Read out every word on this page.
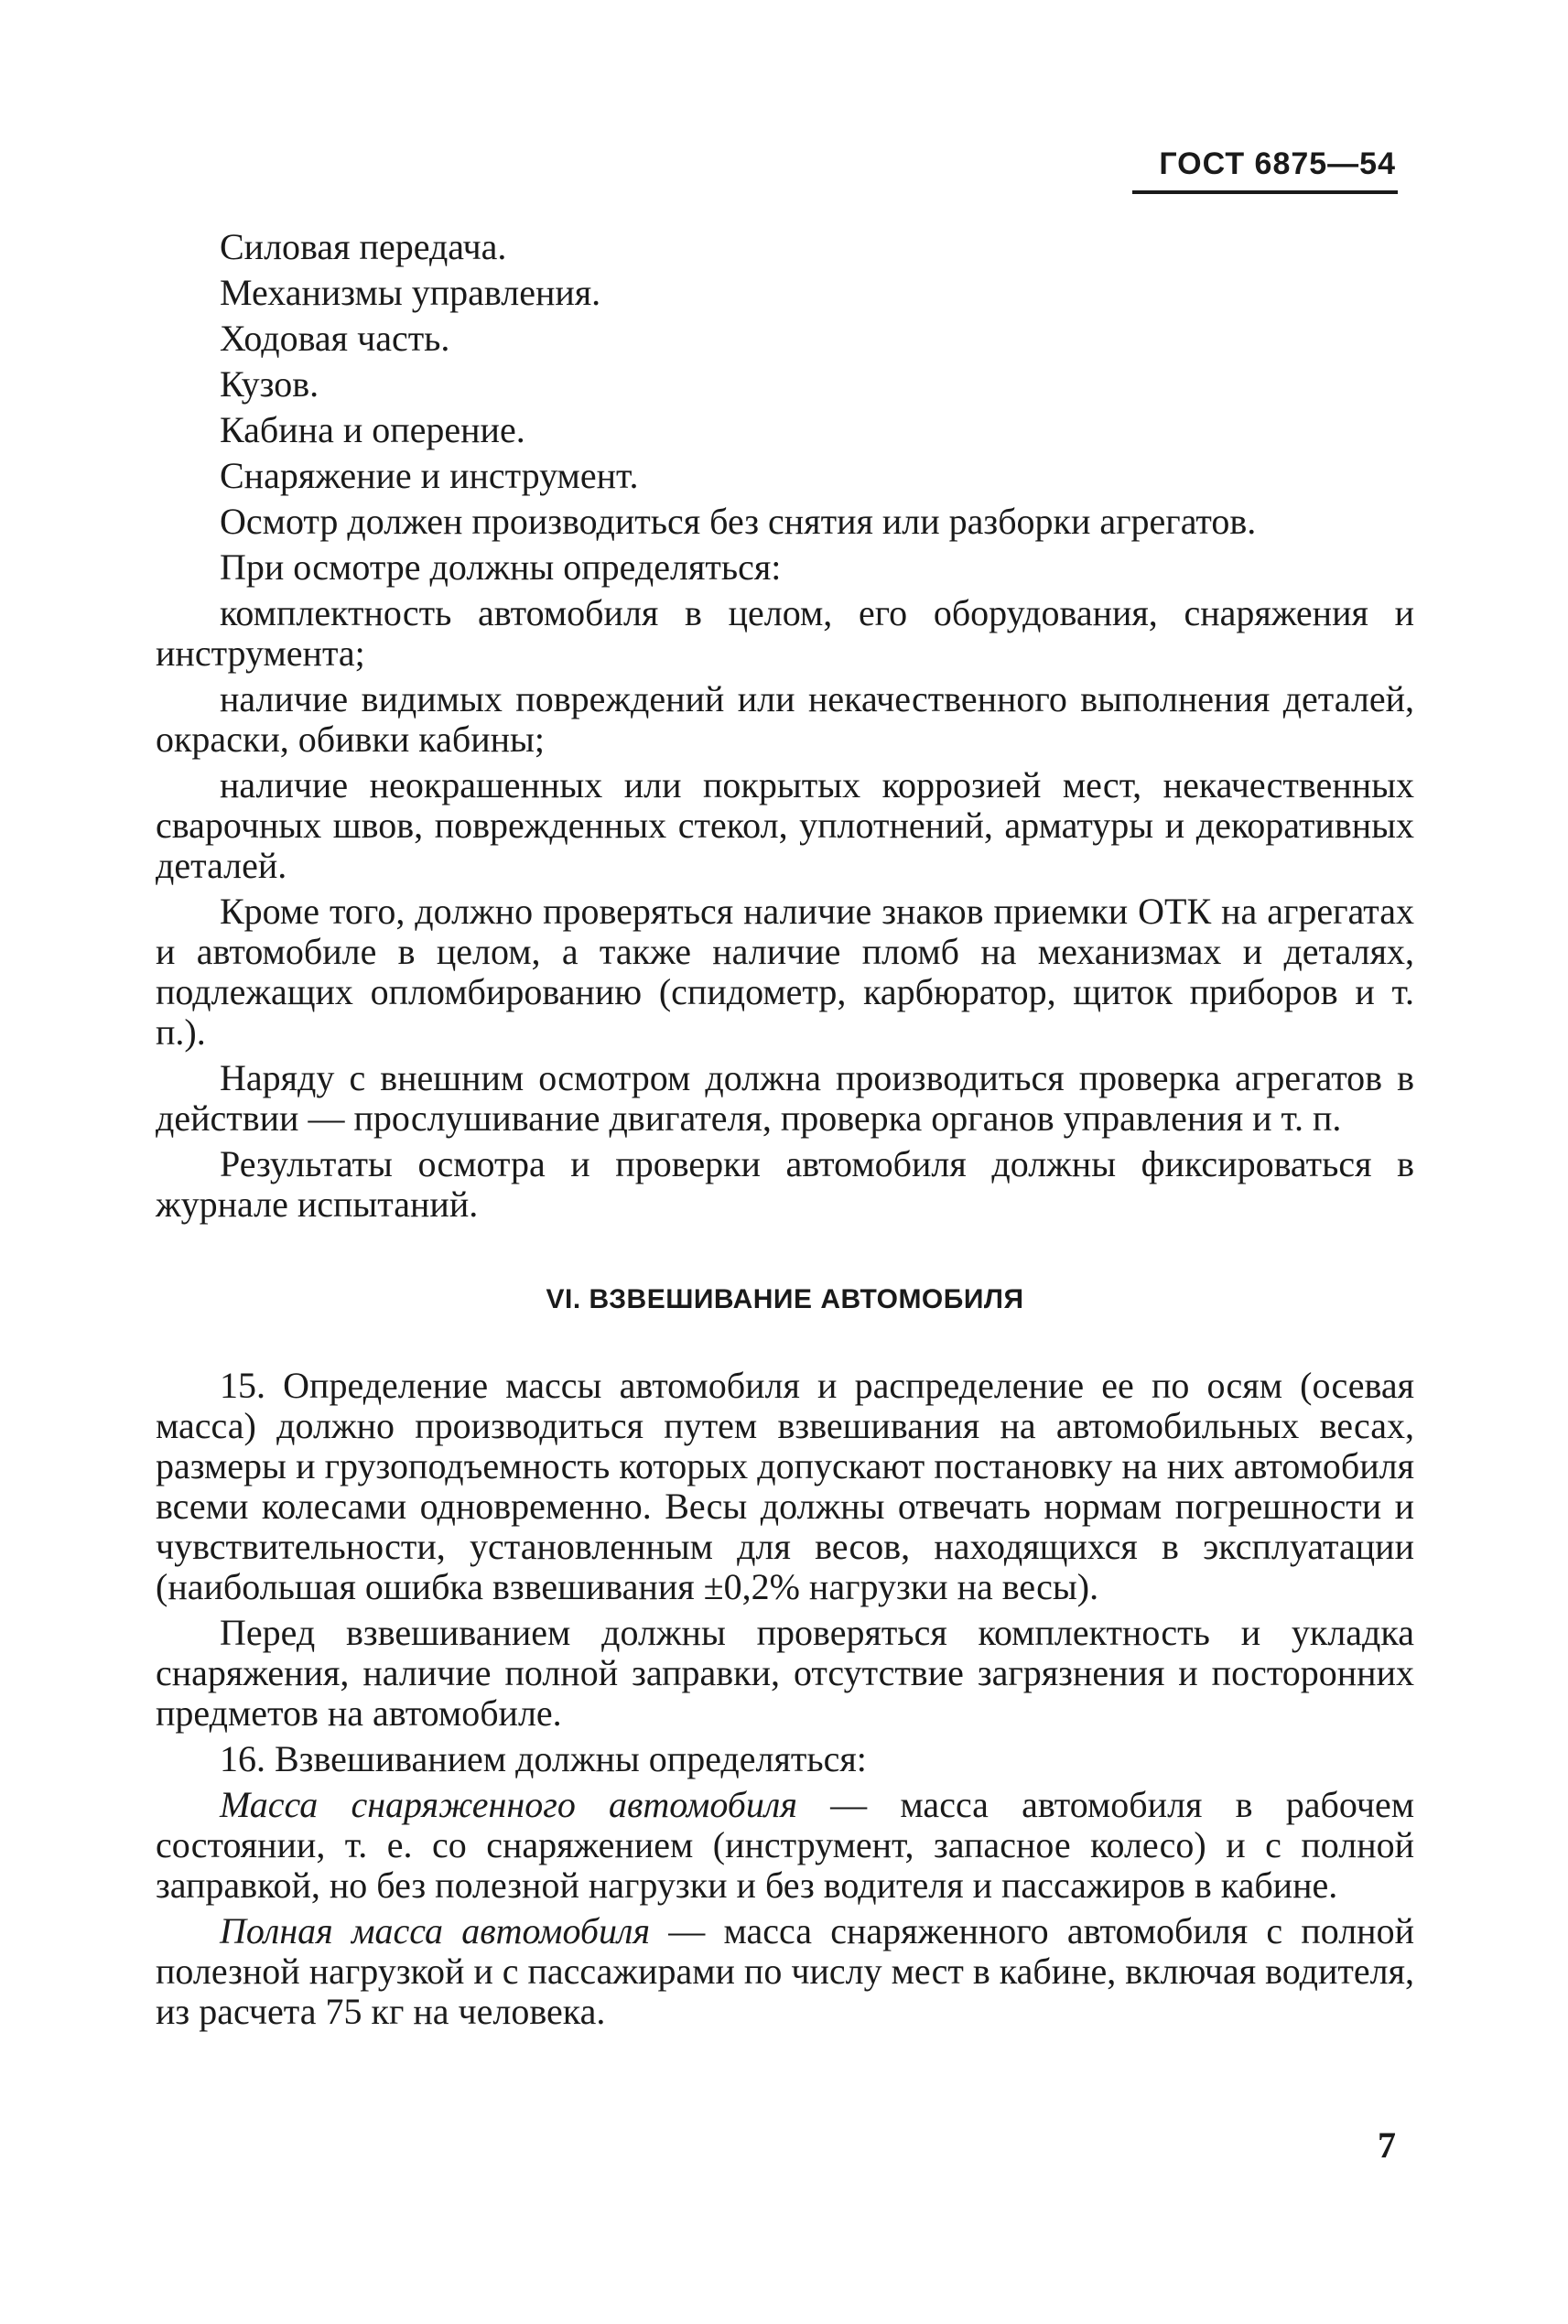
ГОСТ 6875—54

Силовая передача.

Механизмы управления.

Ходовая часть.

Кузов.

Кабина и оперение.

Снаряжение и инструмент.

Осмотр должен производиться без снятия или разборки агрегатов.

При осмотре должны определяться:

комплектность автомобиля в целом, его оборудования, снаряжения и инструмента;

наличие видимых повреждений или некачественного выполнения деталей, окраски, обивки кабины;

наличие неокрашенных или покрытых коррозией мест, некачественных сварочных швов, поврежденных стекол, уплотнений, арматуры и декоративных деталей.

Кроме того, должно проверяться наличие знаков приемки ОТК на агрегатах и автомобиле в целом, а также наличие пломб на механизмах и деталях, подлежащих опломбированию (спидометр, карбюратор, щиток приборов и т. п.).

Наряду с внешним осмотром должна производиться проверка агрегатов в действии — прослушивание двигателя, проверка органов управления и т. п.

Результаты осмотра и проверки автомобиля должны фиксироваться в журнале испытаний.

VI. ВЗВЕШИВАНИЕ АВТОМОБИЛЯ

15. Определение массы автомобиля и распределение ее по осям (осевая масса) должно производиться путем взвешивания на автомобильных весах, размеры и грузоподъемность которых допускают постановку на них автомобиля всеми колесами одновременно. Весы должны отвечать нормам погрешности и чувствительности, установленным для весов, находящихся в эксплуатации (наибольшая ошибка взвешивания ±0,2% нагрузки на весы).

Перед взвешиванием должны проверяться комплектность и укладка снаряжения, наличие полной заправки, отсутствие загрязнения и посторонних предметов на автомобиле.

16. Взвешиванием должны определяться:

Масса снаряженного автомобиля — масса автомобиля в рабочем состоянии, т. е. со снаряжением (инструмент, запасное колесо) и с полной заправкой, но без полезной нагрузки и без водителя и пассажиров в кабине.

Полная масса автомобиля — масса снаряженного автомобиля с полной полезной нагрузкой и с пассажирами по числу мест в кабине, включая водителя, из расчета 75 кг на человека.

7
